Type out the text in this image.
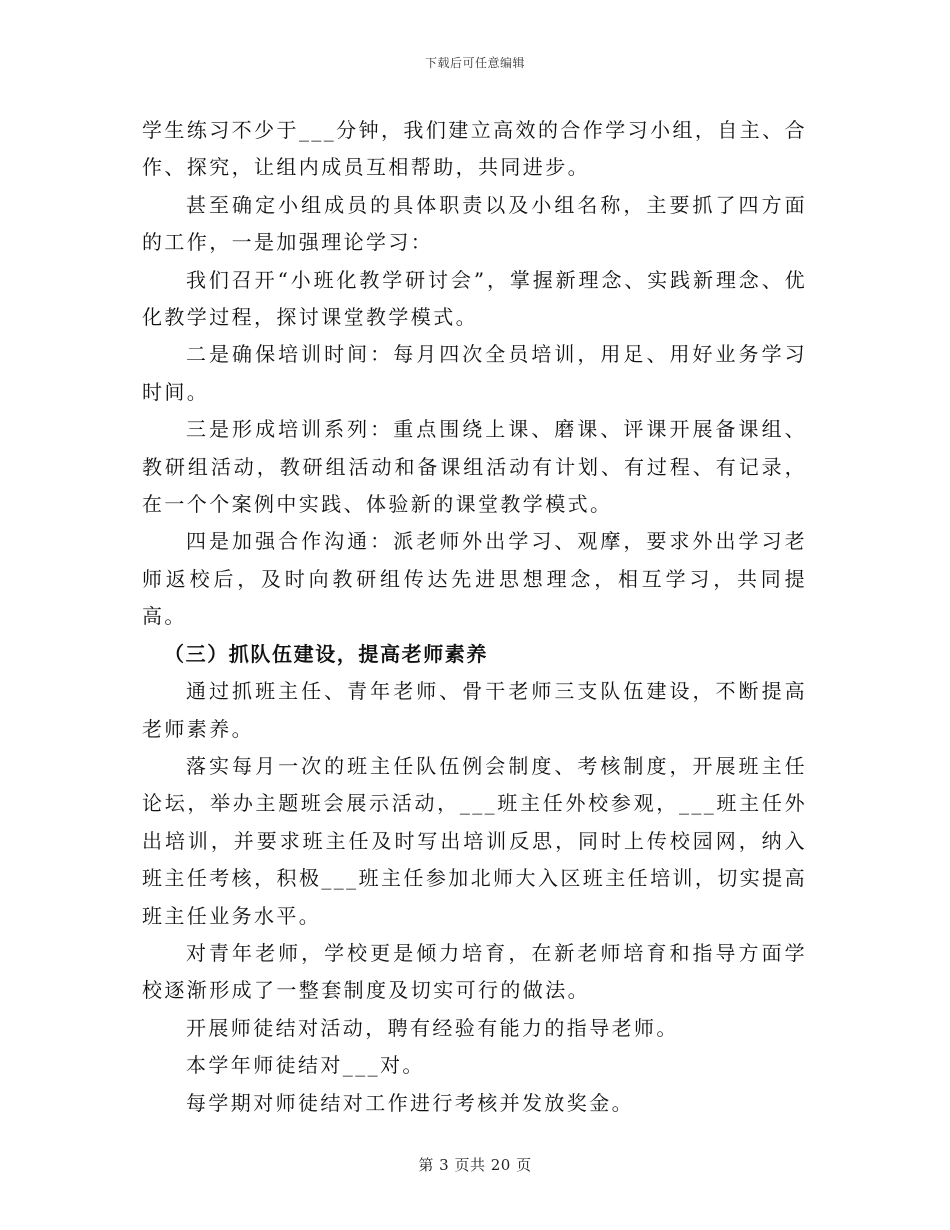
下载后可任意编辑

学生练习不少于___分钟，我们建立高效的合作学习小组，自主、合作、探究，让组内成员互相帮助，共同进步。

甚至确定小组成员的具体职责以及小组名称，主要抓了四方面的工作，一是加强理论学习：

我们召开“小班化教学研讨会”，掌握新理念、实践新理念、优化教学过程，探讨课堂教学模式。

二是确保培训时间：每月四次全员培训，用足、用好业务学习时间。

三是形成培训系列：重点围绕上课、磨课、评课开展备课组、教研组活动，教研组活动和备课组活动有计划、有过程、有记录，在一个个案例中实践、体验新的课堂教学模式。

四是加强合作沟通：派老师外出学习、观摩，要求外出学习老师返校后，及时向教研组传达先进思想理念，相互学习，共同提高。

（三）抓队伍建设，提高老师素养

通过抓班主任、青年老师、骨干老师三支队伍建设，不断提高老师素养。

落实每月一次的班主任队伍例会制度、考核制度，开展班主任论坛，举办主题班会展示活动，___班主任外校参观，___班主任外出培训，并要求班主任及时写出培训反思，同时上传校园网，纳入班主任考核，积极___班主任参加北师大入区班主任培训，切实提高班主任业务水平。

对青年老师，学校更是倾力培育，在新老师培育和指导方面学校逐渐形成了一整套制度及切实可行的做法。

开展师徒结对活动，聘有经验有能力的指导老师。

本学年师徒结对___对。

每学期对师徒结对工作进行考核并发放奖金。

第 3 页共 20 页
